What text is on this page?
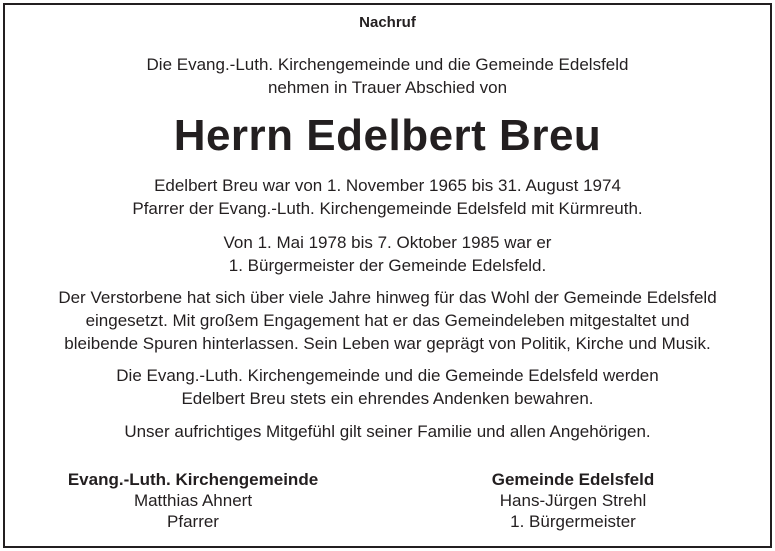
Nachruf
Die Evang.-Luth. Kirchengemeinde und die Gemeinde Edelsfeld
nehmen in Trauer Abschied von
Herrn Edelbert Breu
Edelbert Breu war von 1. November 1965 bis 31. August 1974
Pfarrer der Evang.-Luth. Kirchengemeinde Edelsfeld mit Kürmreuth.
Von 1. Mai 1978 bis 7. Oktober 1985 war er
1. Bürgermeister der Gemeinde Edelsfeld.
Der Verstorbene hat sich über viele Jahre hinweg für das Wohl der Gemeinde Edelsfeld
eingesetzt. Mit großem Engagement hat er das Gemeindeleben mitgestaltet und
bleibende Spuren hinterlassen. Sein Leben war geprägt von Politik, Kirche und Musik.
Die Evang.-Luth. Kirchengemeinde und die Gemeinde Edelsfeld werden
Edelbert Breu stets ein ehrendes Andenken bewahren.
Unser aufrichtiges Mitgefühl gilt seiner Familie und allen Angehörigen.
Evang.-Luth. Kirchengemeinde
Matthias Ahnert
Pfarrer
Gemeinde Edelsfeld
Hans-Jürgen Strehl
1. Bürgermeister
